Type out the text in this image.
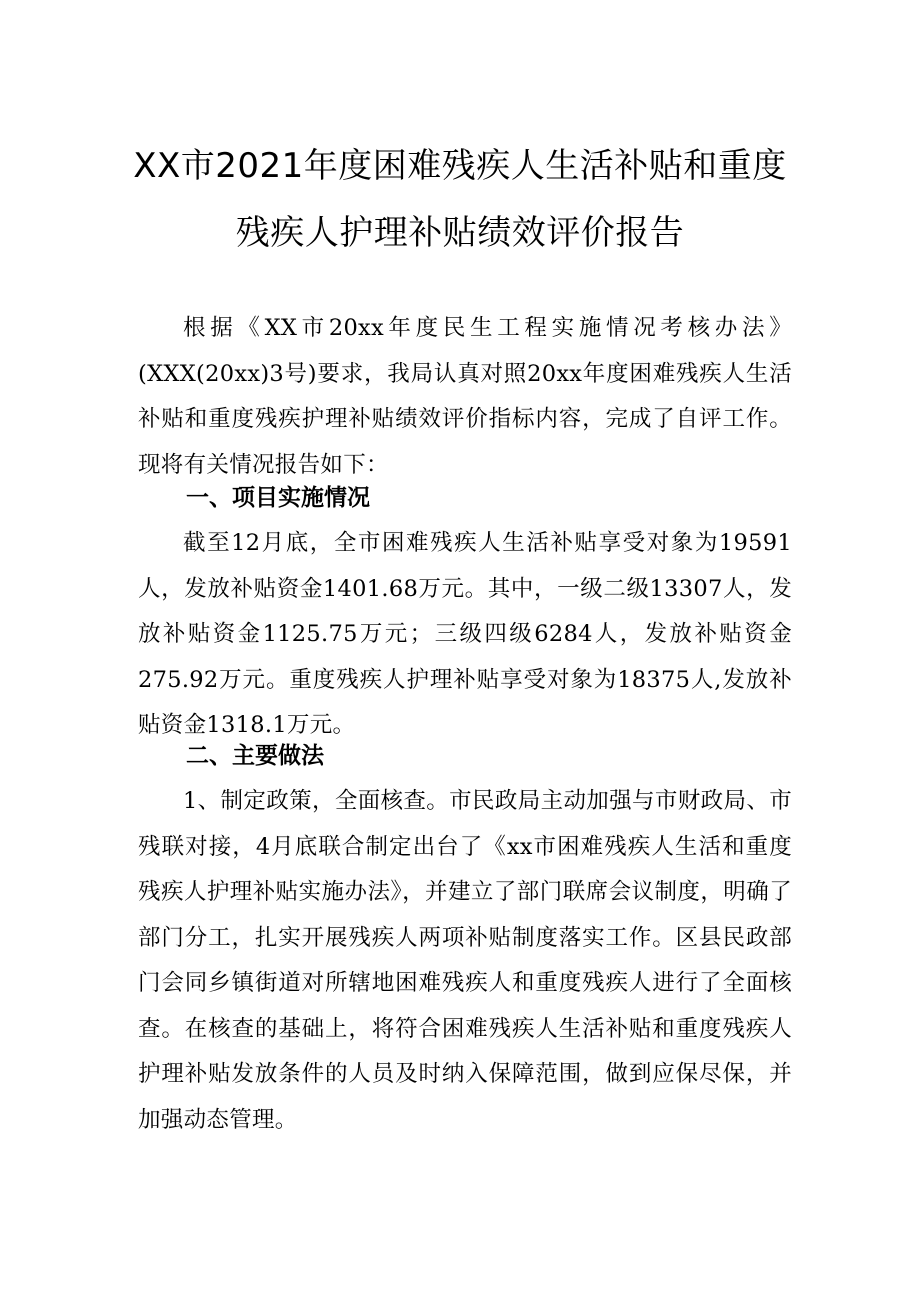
XX市2021年度困难残疾人生活补贴和重度
残疾人护理补贴绩效评价报告

根据《XX市20xx年度民生工程实施情况考核办法》(XXX(20xx)3号)要求，我局认真对照20xx年度困难残疾人生活补贴和重度残疾护理补贴绩效评价指标内容，完成了自评工作。现将有关情况报告如下：

一、项目实施情况

截至12月底，全市困难残疾人生活补贴享受对象为19591人，发放补贴资金1401.68万元。其中，一级二级13307人，发放补贴资金1125.75万元；三级四级6284人，发放补贴资金275.92万元。重度残疾人护理补贴享受对象为18375人,发放补贴资金1318.1万元。

二、主要做法

1、制定政策，全面核查。市民政局主动加强与市财政局、市残联对接，4月底联合制定出台了《xx市困难残疾人生活和重度残疾人护理补贴实施办法》，并建立了部门联席会议制度，明确了部门分工，扎实开展残疾人两项补贴制度落实工作。区县民政部门会同乡镇街道对所辖地困难残疾人和重度残疾人进行了全面核查。在核查的基础上，将符合困难残疾人生活补贴和重度残疾人护理补贴发放条件的人员及时纳入保障范围，做到应保尽保，并加强动态管理。
